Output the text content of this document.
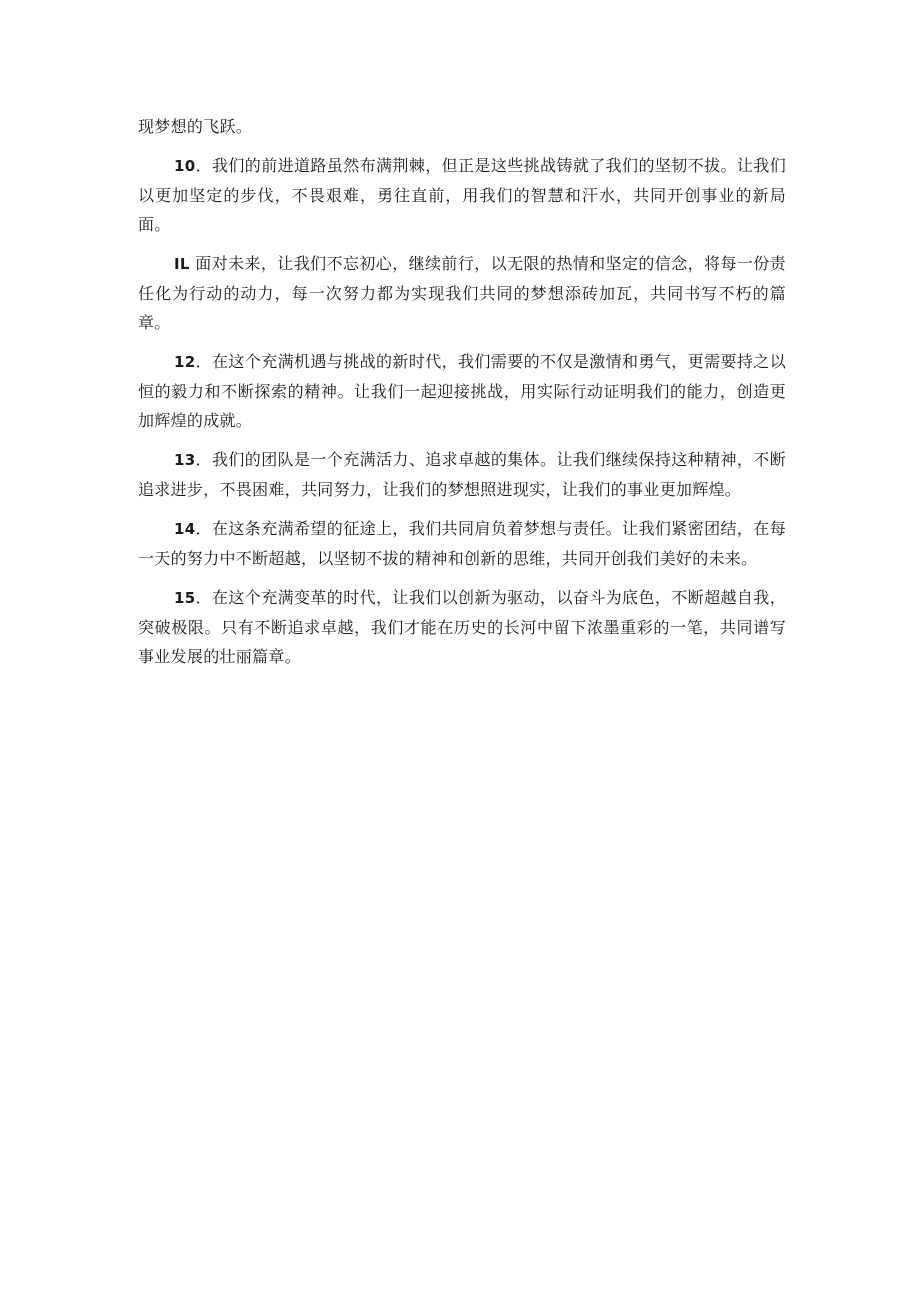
现梦想的飞跃。

10．我们的前进道路虽然布满荆棘，但正是这些挑战铸就了我们的坚韧不拔。让我们以更加坚定的步伐，不畏艰难，勇往直前，用我们的智慧和汗水，共同开创事业的新局面。

IL 面对未来，让我们不忘初心，继续前行，以无限的热情和坚定的信念，将每一份责任化为行动的动力，每一次努力都为实现我们共同的梦想添砖加瓦，共同书写不朽的篇章。

12．在这个充满机遇与挑战的新时代，我们需要的不仅是激情和勇气，更需要持之以恒的毅力和不断探索的精神。让我们一起迎接挑战，用实际行动证明我们的能力，创造更加辉煌的成就。

13．我们的团队是一个充满活力、追求卓越的集体。让我们继续保持这种精神，不断追求进步，不畏困难，共同努力，让我们的梦想照进现实，让我们的事业更加辉煌。

14．在这条充满希望的征途上，我们共同肩负着梦想与责任。让我们紧密团结，在每一天的努力中不断超越，以坚韧不拔的精神和创新的思维，共同开创我们美好的未来。

15．在这个充满变革的时代，让我们以创新为驱动，以奋斗为底色，不断超越自我，突破极限。只有不断追求卓越，我们才能在历史的长河中留下浓墨重彩的一笔，共同谱写事业发展的壮丽篇章。
